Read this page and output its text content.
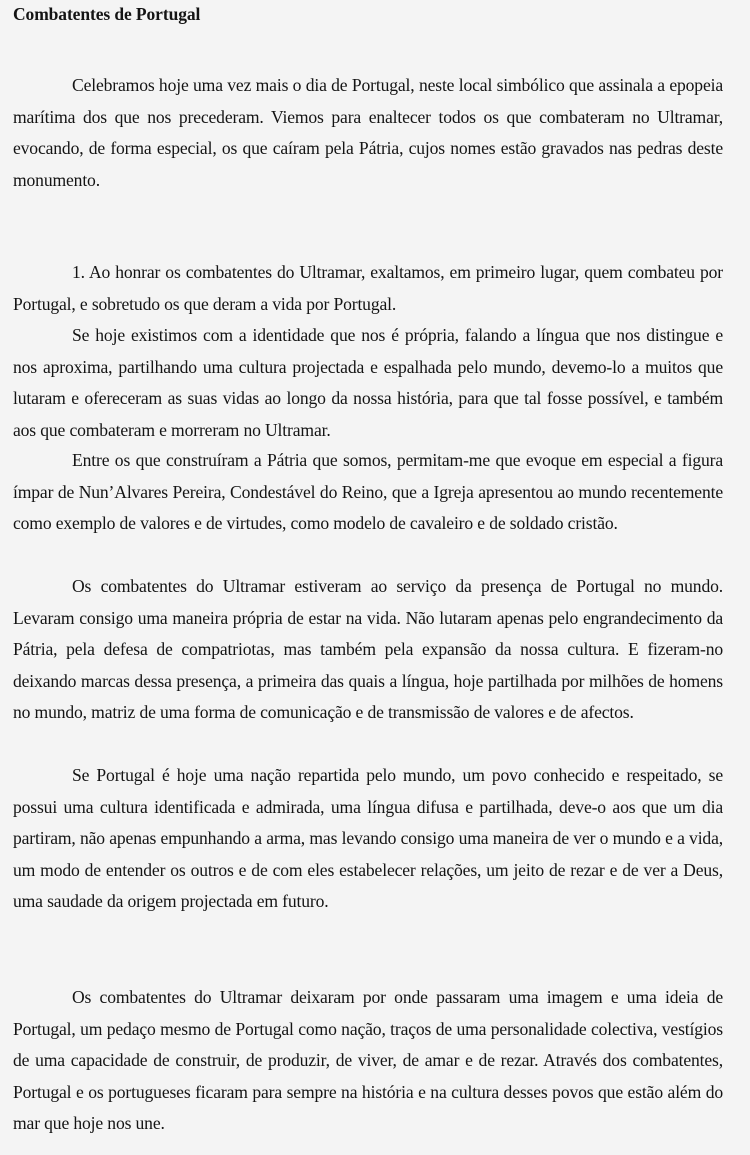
Combatentes de Portugal

Celebramos hoje uma vez mais o dia de Portugal, neste local simbólico que assinala a epopeia marítima dos que nos precederam. Viemos para enaltecer todos os que combateram no Ultramar, evocando, de forma especial, os que caíram pela Pátria, cujos nomes estão gravados nas pedras deste monumento.

1. Ao honrar os combatentes do Ultramar, exaltamos, em primeiro lugar, quem combateu por Portugal, e sobretudo os que deram a vida por Portugal.

Se hoje existimos com a identidade que nos é própria, falando a língua que nos distingue e nos aproxima, partilhando uma cultura projectada e espalhada pelo mundo, devemo-lo a muitos que lutaram e ofereceram as suas vidas ao longo da nossa história, para que tal fosse possível, e também aos que combateram e morreram no Ultramar.

Entre os que construíram a Pátria que somos, permitam-me que evoque em especial a figura ímpar de Nun’Alvares Pereira, Condestável do Reino, que a Igreja apresentou ao mundo recentemente como exemplo de valores e de virtudes, como modelo de cavaleiro e de soldado cristão.

Os combatentes do Ultramar estiveram ao serviço da presença de Portugal no mundo. Levaram consigo uma maneira própria de estar na vida. Não lutaram apenas pelo engrandecimento da Pátria, pela defesa de compatriotas, mas também pela expansão da nossa cultura. E fizeram-no deixando marcas dessa presença, a primeira das quais a língua, hoje partilhada por milhões de homens no mundo, matriz de uma forma de comunicação e de transmissão de valores e de afectos.

Se Portugal é hoje uma nação repartida pelo mundo, um povo conhecido e respeitado, se possui uma cultura identificada e admirada, uma língua difusa e partilhada, deve-o aos que um dia partiram, não apenas empunhando a arma, mas levando consigo uma maneira de ver o mundo e a vida, um modo de entender os outros e de com eles estabelecer relações, um jeito de rezar e de ver a Deus, uma saudade da origem projectada em futuro.

Os combatentes do Ultramar deixaram por onde passaram uma imagem e uma ideia de Portugal, um pedaço mesmo de Portugal como nação, traços de uma personalidade colectiva, vestígios de uma capacidade de construir, de produzir, de viver, de amar e de rezar. Através dos combatentes, Portugal e os portugueses ficaram para sempre na história e na cultura desses povos que estão além do mar que hoje nos une.
